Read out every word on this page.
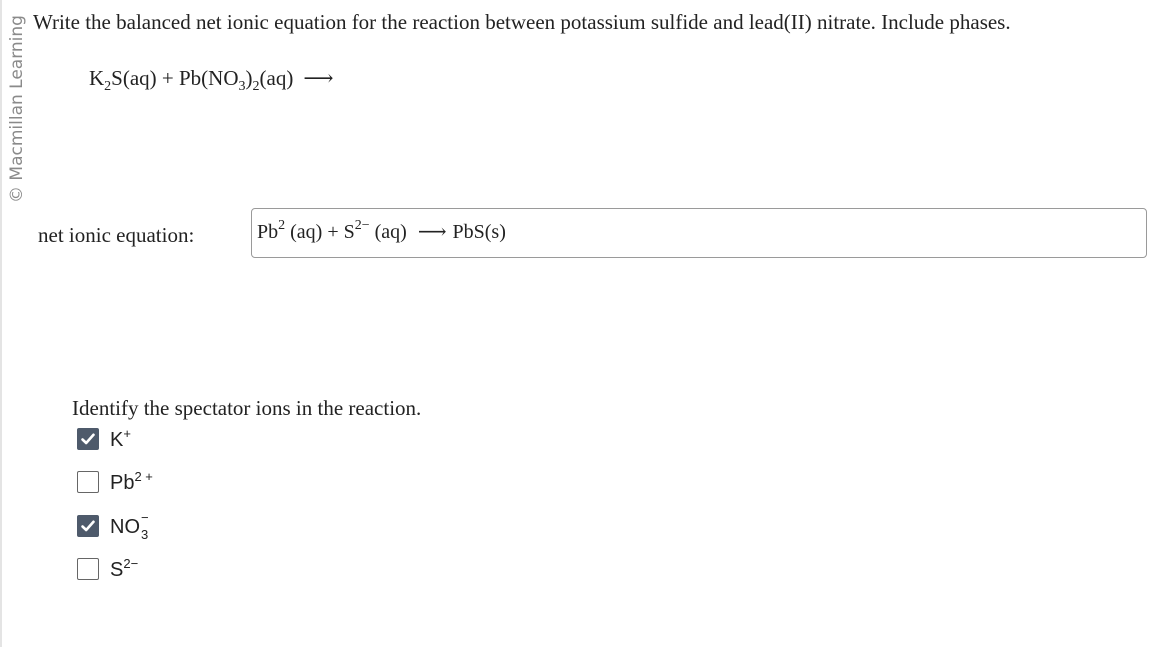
© Macmillan Learning Write the balanced net ionic equation for the reaction between potassium sulfide and lead(II) nitrate. Include phases.
$K_2S(aq) + Pb(NO_3)_2(aq)$ ⟶
net ionic equation:	Pb$^2$ $(aq) + S^{2-}$ (aq) ⟶ PbS(s)
Identify the spectator ions in the reaction.
K+
$Pb^{2 +}$
NO −
3
$S^{2-}$
